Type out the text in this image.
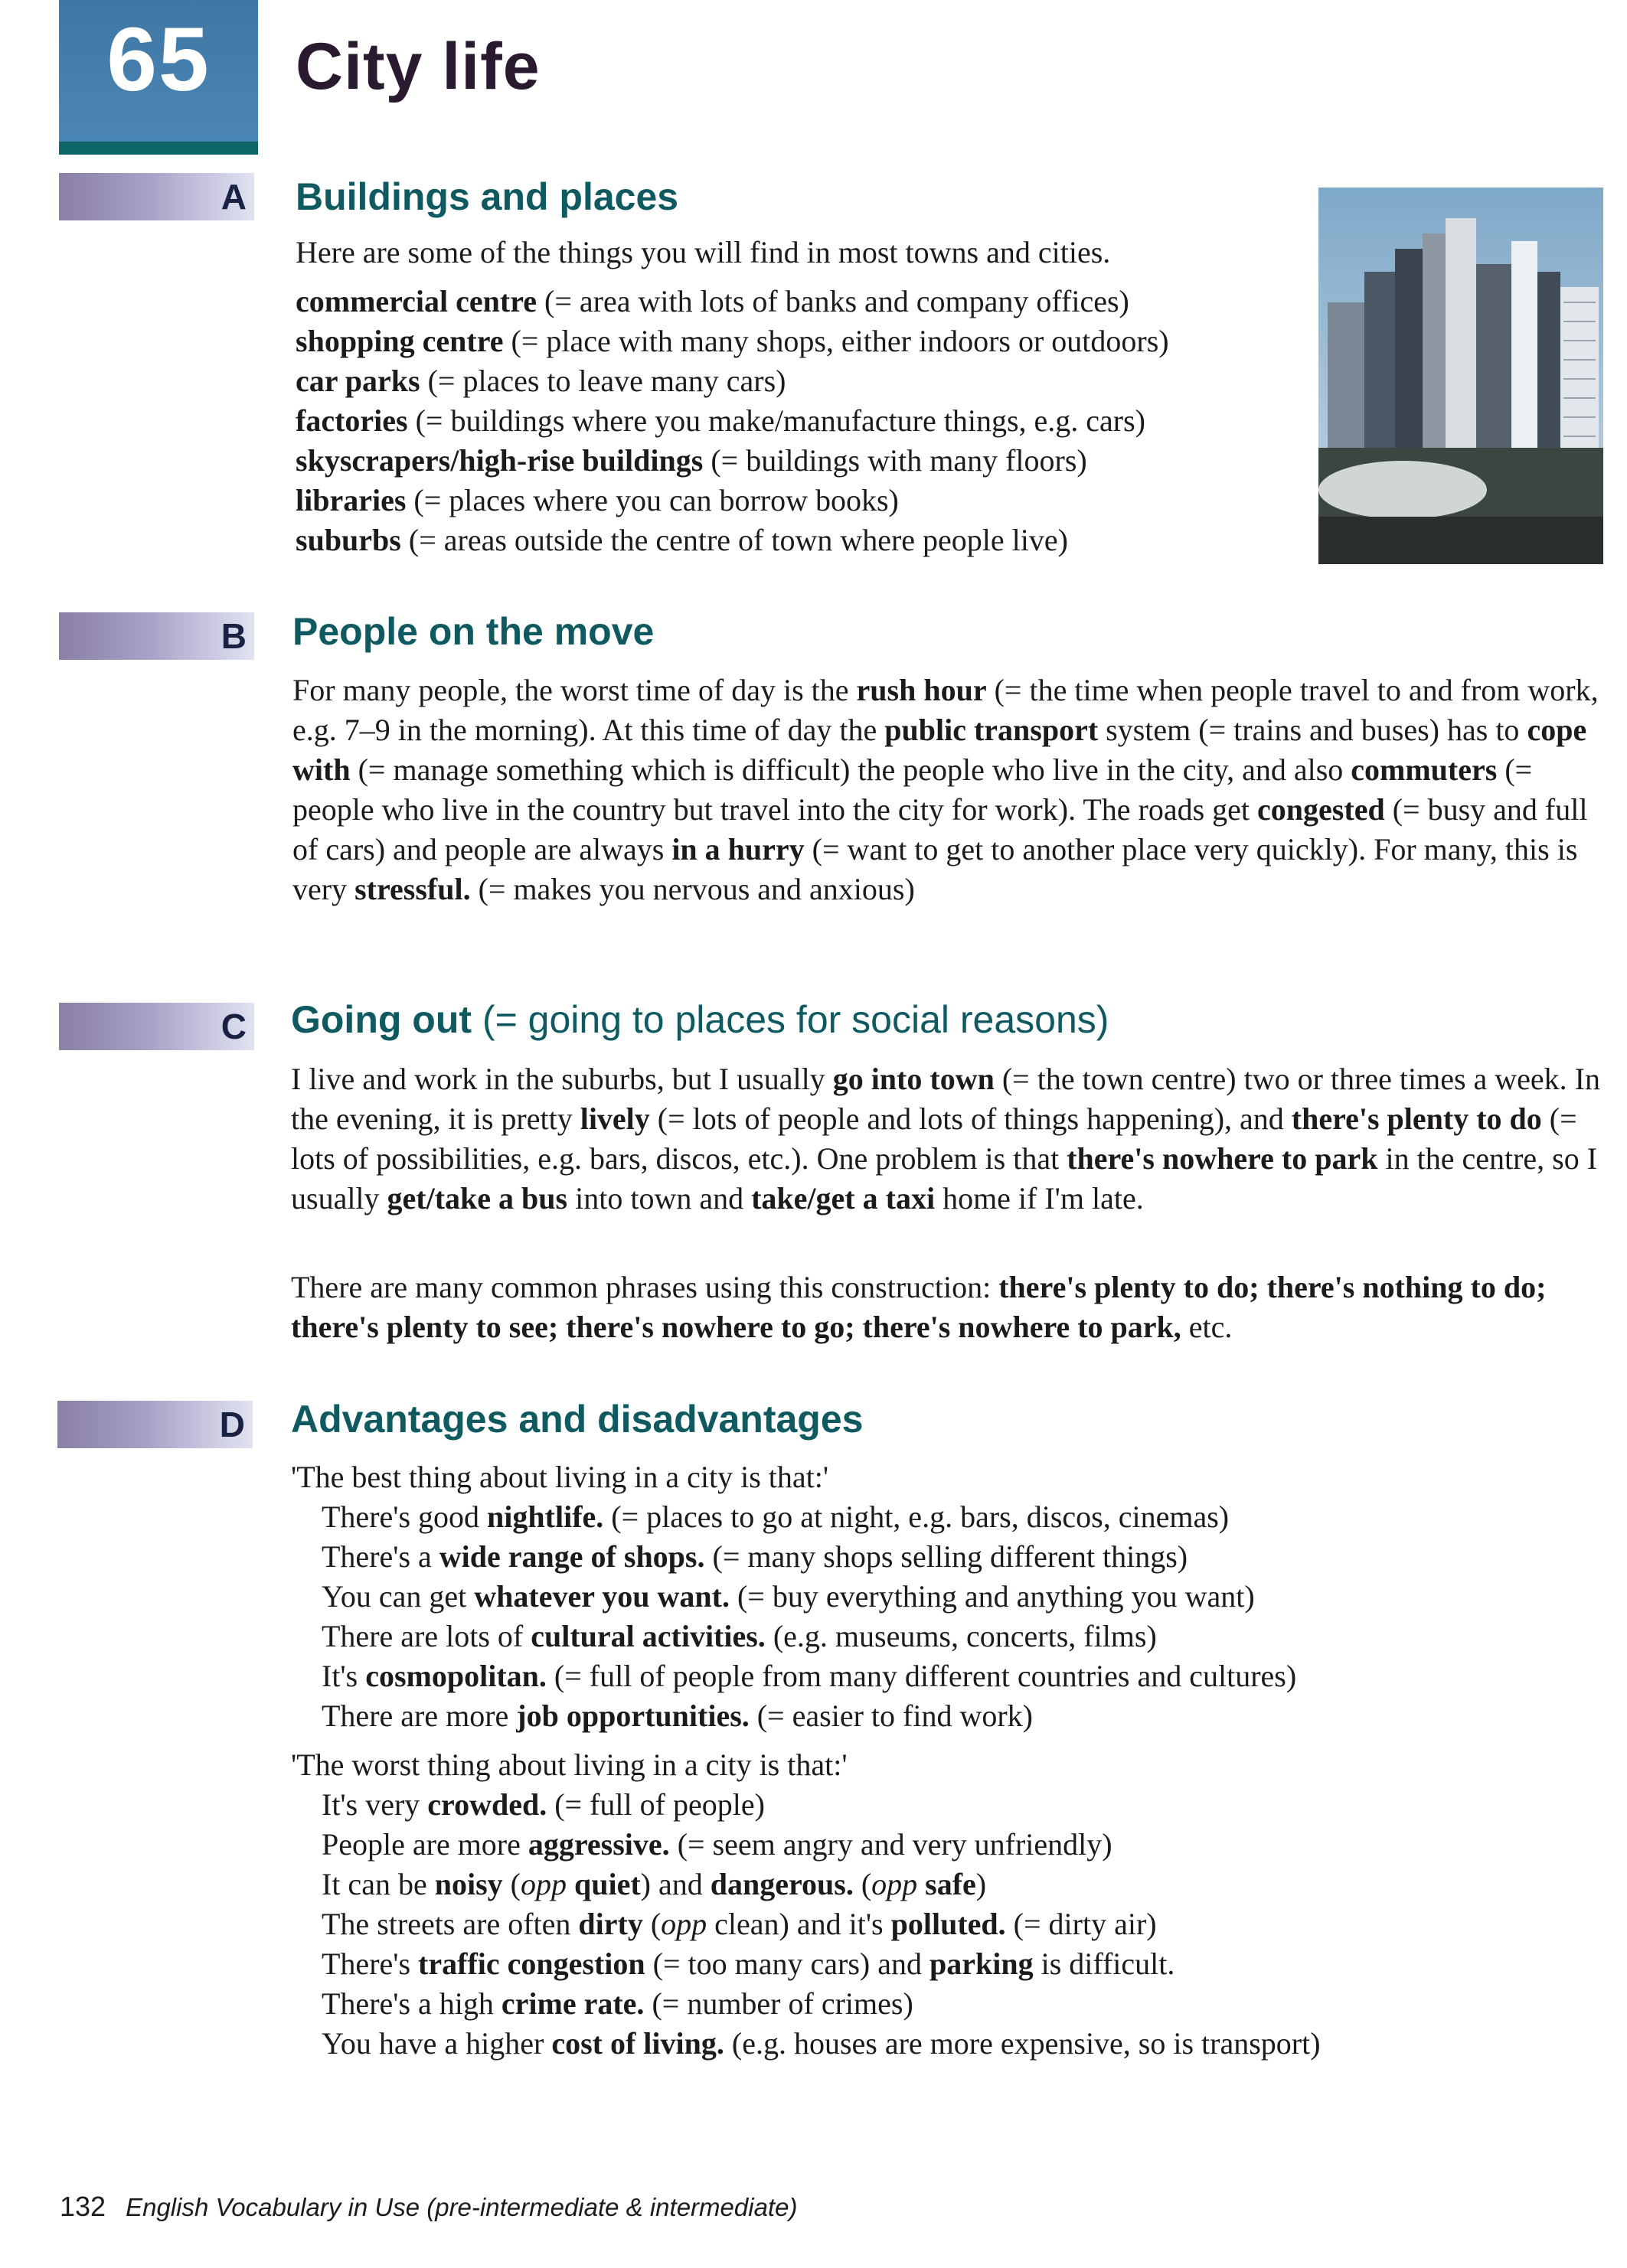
65	City life
A Buildings and places

Here are some of the things you will find in most towns and cities.

commercial centre (= area with lots of banks and company offices)
shopping centre (= place with many shops, either indoors or outdoors)
car parks (= places to leave many cars)
factories (= buildings where you make/manufacture things, e.g. cars)
skyscrapers/high-rise buildings (= buildings with many floors)
libraries (= places where you can borrow books)
suburbs (= areas outside the centre of town where people live)
B People on the move

For many people, the worst time of day is the rush hour (= the time when people travel to and from work, e.g. 7–9 in the morning). At this time of day the public transport system (= trains and buses) has to cope with (= manage something which is difficult) the people who live in the city, and also commuters (= people who live in the country but travel into the city for work). The roads get congested (= busy and full of cars) and people are always in a hurry (= want to get to another place very quickly). For many, this is very stressful. (= makes you nervous and anxious)

C Going out (= going to places for social reasons)

I live and work in the suburbs, but I usually go into town (= the town centre) two or three times a week. In the evening, it is pretty lively (= lots of people and lots of things happening), and there's plenty to do (= lots of possibilities, e.g. bars, discos, etc.). One problem is that there's nowhere to park in the centre, so I usually get/take a bus into town and take/get a taxi home if I'm late.

There are many common phrases using this construction: there's plenty to do; there's nothing to do; there's plenty to see; there's nowhere to go; there's nowhere to park, etc.

D Advantages and disadvantages

'The best thing about living in a city is that:'

There's good nightlife. (= places to go at night, e.g. bars, discos, cinemas)
There's a wide range of shops. (= many shops selling different things)
You can get whatever you want. (= buy everything and anything you want)
There are lots of cultural activities. (e.g. museums, concerts, films)
It's cosmopolitan. (= full of people from many different countries and cultures)
There are more job opportunities. (= easier to find work)

'The worst thing about living in a city is that:'

It's very crowded. (= full of people)
People are more aggressive. (= seem angry and very unfriendly)
It can be noisy (opp quiet) and dangerous. (opp safe)
The streets are often dirty (opp clean) and it's polluted. (= dirty air)
There's traffic congestion (= too many cars) and parking is difficult.
There's a high crime rate. (= number of crimes)
You have a higher cost of living. (e.g. houses are more expensive, so is transport)
132 English Vocabulary in Use (pre-intermediate & intermediate)
